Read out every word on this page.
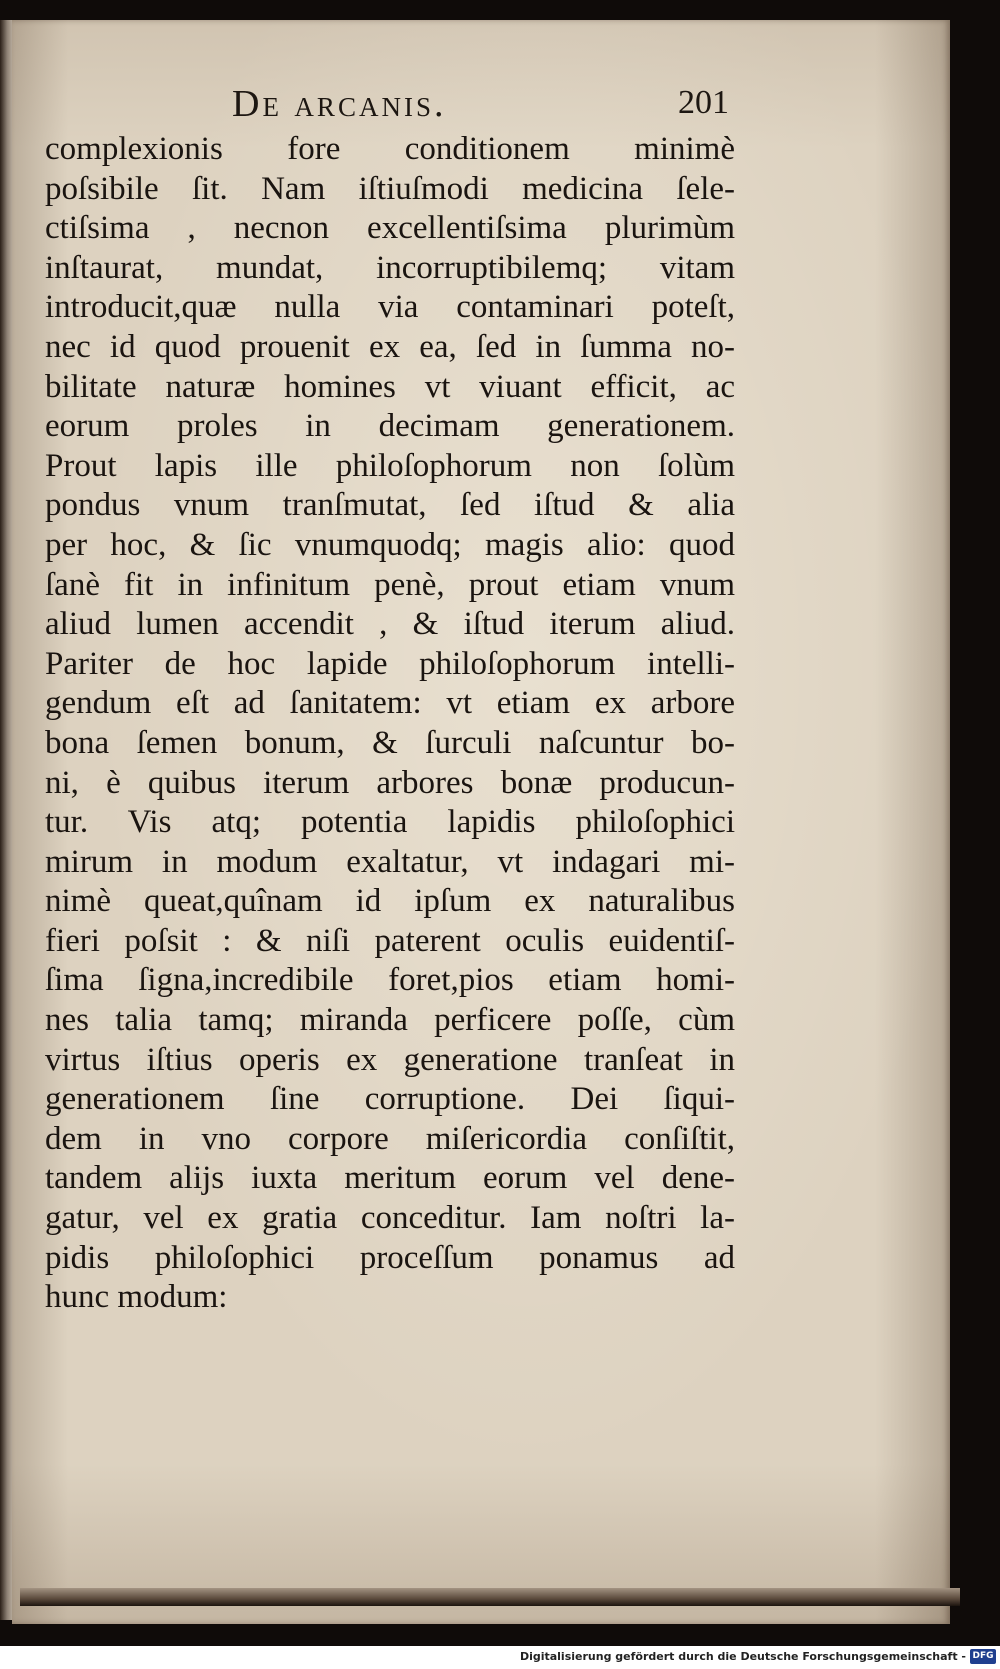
De arcanis.	201
complexionis fore conditionem minimè
poſsibile ſit. Nam iſtiuſmodi medicina ſele-
ctiſsima , necnon excellentiſsima plurimùm
inſtaurat, mundat, incorruptibilemq; vitam
introducit,quæ nulla via contaminari poteſt,
nec id quod prouenit ex ea, ſed in ſumma no-
bilitate naturæ homines vt viuant efficit, ac
eorum proles in decimam generationem.
Prout lapis ille philoſophorum non ſolùm
pondus vnum tranſmutat, ſed iſtud & alia
per hoc, & ſic vnumquodq; magis alio: quod
ſanè fit in infinitum penè, prout etiam vnum
aliud lumen accendit , & iſtud iterum aliud.
Pariter de hoc lapide philoſophorum intelli-
gendum eſt ad ſanitatem: vt etiam ex arbore
bona ſemen bonum, & ſurculi naſcuntur bo-
ni, è quibus iterum arbores bonæ producun-
tur. Vis atq; potentia lapidis philoſophici
mirum in modum exaltatur, vt indagari mi-
nimè queat,quînam id ipſum ex naturalibus
fieri poſsit : & niſi paterent oculis euidentiſ-
ſima ſigna,incredibile foret,pios etiam homi-
nes talia tamq; miranda perficere poſſe, cùm
virtus iſtius operis ex generatione tranſeat in
generationem ſine corruptione. Dei ſiqui-
dem in vno corpore miſericordia conſiſtit,
tandem alijs iuxta meritum eorum vel dene-
gatur, vel ex gratia conceditur. Iam noſtri la-
pidis philoſophici proceſſum ponamus ad
hunc modum:
Digitalisierung gefördert durch die Deutsche Forschungsgemeinschaft - DFG
